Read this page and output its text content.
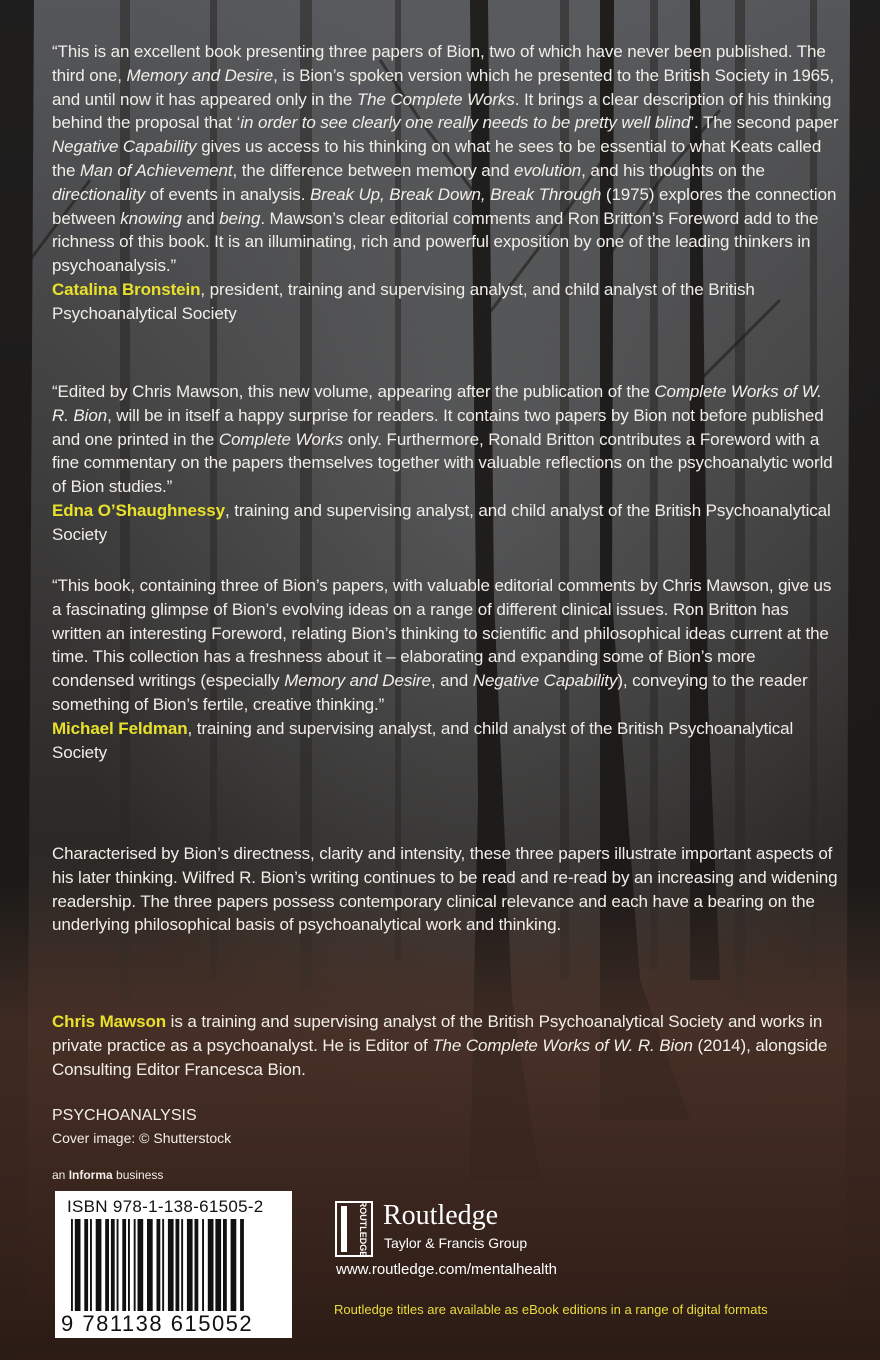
“This is an excellent book presenting three papers of Bion, two of which have never been published. The third one, Memory and Desire, is Bion’s spoken version which he presented to the British Society in 1965, and until now it has appeared only in the The Complete Works. It brings a clear description of his thinking behind the proposal that ‘in order to see clearly one really needs to be pretty well blind’. The second paper Negative Capability gives us access to his thinking on what he sees to be essential to what Keats called the Man of Achievement, the difference between memory and evolution, and his thoughts on the directionality of events in analysis. Break Up, Break Down, Break Through (1975) explores the connection between knowing and being. Mawson’s clear editorial comments and Ron Britton’s Foreword add to the richness of this book. It is an illuminating, rich and powerful exposition by one of the leading thinkers in psychoanalysis.”

Catalina Bronstein, president, training and supervising analyst, and child analyst of the British Psychoanalytical Society

“Edited by Chris Mawson, this new volume, appearing after the publication of the Complete Works of W. R. Bion, will be in itself a happy surprise for readers. It contains two papers by Bion not before published and one printed in the Complete Works only. Furthermore, Ronald Britton contributes a Foreword with a fine commentary on the papers themselves together with valuable reflections on the psychoanalytic world of Bion studies.”

Edna O’Shaughnessy, training and supervising analyst, and child analyst of the British Psychoanalytical Society

“This book, containing three of Bion’s papers, with valuable editorial comments by Chris Mawson, give us a fascinating glimpse of Bion’s evolving ideas on a range of different clinical issues. Ron Britton has written an interesting Foreword, relating Bion’s thinking to scientific and philosophical ideas current at the time. This collection has a freshness about it – elaborating and expanding some of Bion’s more condensed writings (especially Memory and Desire, and Negative Capability), conveying to the reader something of Bion’s fertile, creative thinking.”

Michael Feldman, training and supervising analyst, and child analyst of the British Psychoanalytical Society

Characterised by Bion’s directness, clarity and intensity, these three papers illustrate important aspects of his later thinking. Wilfred R. Bion’s writing continues to be read and re-read by an increasing and widening readership. The three papers possess contemporary clinical relevance and each have a bearing on the underlying philosophical basis of psychoanalytical work and thinking.

Chris Mawson is a training and supervising analyst of the British Psychoanalytical Society and works in private practice as a psychoanalyst. He is Editor of The Complete Works of W. R. Bion (2014), alongside Consulting Editor Francesca Bion.

PSYCHOANALYSIS
Cover image: © Shutterstock
an Informa business
ISBN 978-1-138-61505-2
9 781138 615052
ROUTLEDGE Routledge
Taylor & Francis Group
www.routledge.com/mentalhealth
Routledge titles are available as eBook editions in a range of digital formats
